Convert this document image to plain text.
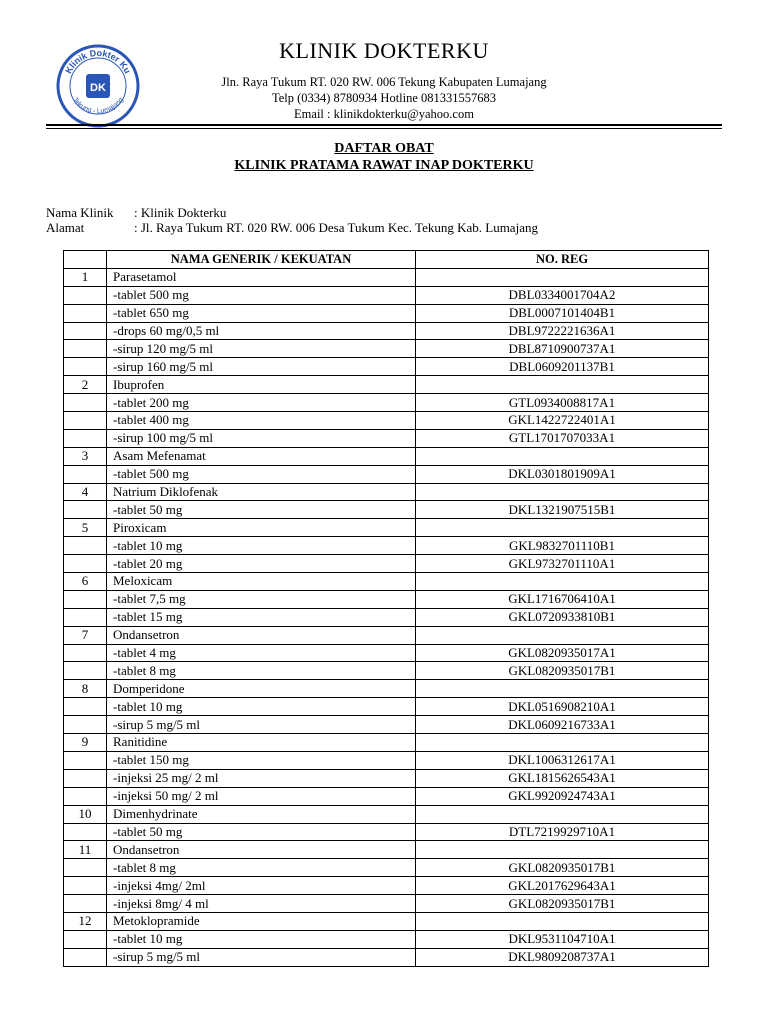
Klinik Dokter Ku
Tekung - Lumajang
DK
KLINIK DOKTERKU
Jln. Raya Tukum RT. 020 RW. 006 Tekung Kabupaten Lumajang
Telp (0334) 8780934 Hotline 081331557683
Email : klinikdokterku@yahoo.com
DAFTAR OBAT
KLINIK PRATAMA RAWAT INAP DOKTERKU
Nama Klinik : Klinik Dokterku
Alamat	: Jl. Raya Tukum RT. 020 RW. 006 Desa Tukum Kec. Tekung Kab. Lumajang
	NAMA GENERIK / KEKUATAN	NO. REG
1	Parasetamol	
	-tablet 500 mg	DBL0334001704A2
	-tablet 650 mg	DBL0007101404B1
	-drops 60 mg/0,5 ml	DBL9722221636A1
	-sirup 120 mg/5 ml	DBL8710900737A1
	-sirup 160 mg/5 ml	DBL0609201137B1
2	Ibuprofen	
	-tablet 200 mg	GTL0934008817A1
	-tablet 400 mg	GKL1422722401A1
	-sirup 100 mg/5 ml	GTL1701707033A1
3	Asam Mefenamat	
	-tablet 500 mg	DKL0301801909A1
4	Natrium Diklofenak	
	-tablet 50 mg	DKL1321907515B1
5	Piroxicam	
	-tablet 10 mg	GKL9832701110B1
	-tablet 20 mg	GKL9732701110A1
6	Meloxicam	
	-tablet 7,5 mg	GKL1716706410A1
	-tablet 15 mg	GKL0720933810B1
7	Ondansetron	
	-tablet 4 mg	GKL0820935017A1
	-tablet 8 mg	GKL0820935017B1
8	Domperidone	
	-tablet 10 mg	DKL0516908210A1
	-sirup 5 mg/5 ml	DKL0609216733A1
9	Ranitidine	
	-tablet 150 mg	DKL1006312617A1
	-injeksi 25 mg/ 2 ml	GKL1815626543A1
	-injeksi 50 mg/ 2 ml	GKL9920924743A1
10	Dimenhydrinate	
	-tablet 50 mg	DTL7219929710A1
11	Ondansetron	
	-tablet 8 mg	GKL0820935017B1
	-injeksi 4mg/ 2ml	GKL2017629643A1
	-injeksi 8mg/ 4 ml	GKL0820935017B1
12	Metoklopramide	
	-tablet 10 mg	DKL9531104710A1
	-sirup 5 mg/5 ml	DKL9809208737A1
